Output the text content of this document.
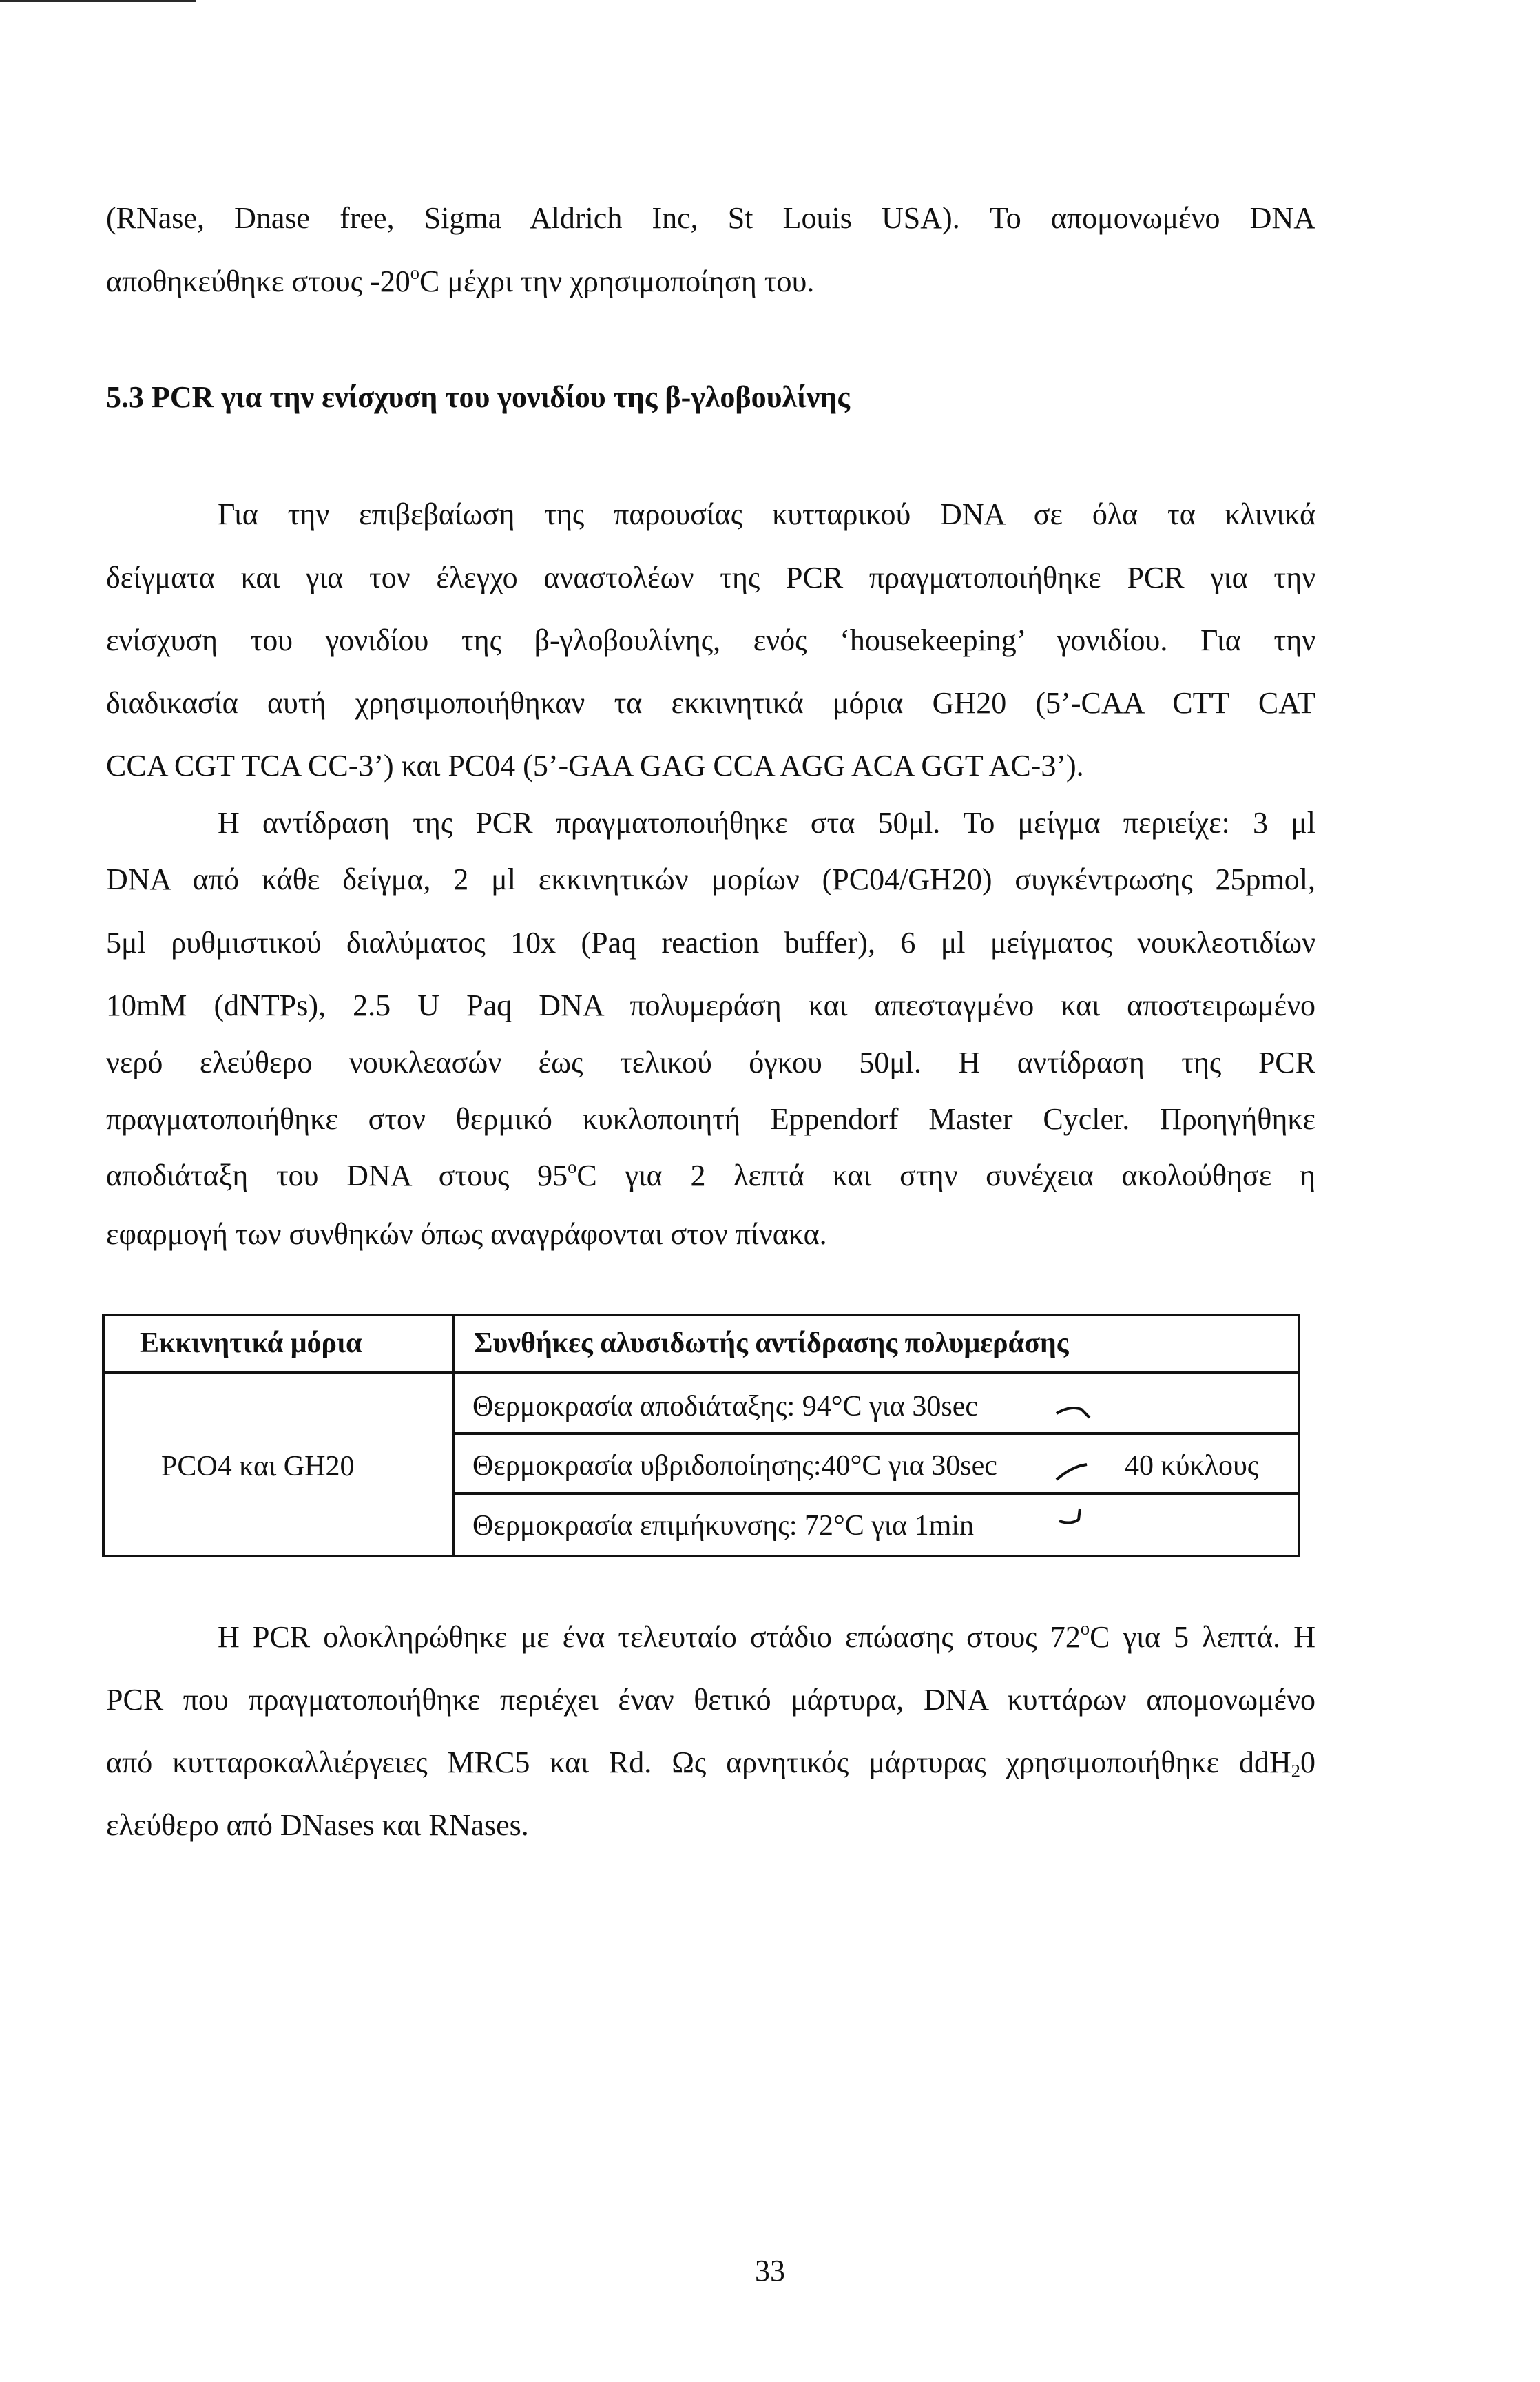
(RNase, Dnase free, Sigma Aldrich Inc, St Louis USA). Το απομονωμένο DNA
αποθηκεύθηκε στους $-20^oC$ μέχρι την χρησιμοποίηση του.
5.3 PCR για την ενίσχυση του γονιδίου της β-γλοβουλίνης
Για την επιβεβαίωση της παρουσίας κυτταρικού DNA σε όλα τα κλινικά
δείγματα και για τον έλεγχο αναστολέων της PCR πραγματοποιήθηκε PCR για την
ενίσχυση του γονιδίου της β-γλοβουλίνης, ενός ‘housekeeping’ γονιδίου. Για την
διαδικασία αυτή χρησιμοποιήθηκαν τα εκκινητικά μόρια GH20 (5’-CAA CTT CAT
CCA CGT TCA CC-3’) και PC04 (5’-GAA GAG CCA AGG ACA GGT AC-3’).
Η αντίδραση της PCR πραγματοποιήθηκε στα 50μl. Το μείγμα περιείχε: 3 μl
DNA από κάθε δείγμα, 2 μl εκκινητικών μορίων (PC04/GH20) συγκέντρωσης 25pmol,
5μl ρυθμιστικού διαλύματος 10x (Paq reaction buffer), 6 μl μείγματος νουκλεοτιδίων
10mM (dNTPs), 2.5 U Paq DNA πολυμεράση και απεσταγμένο και αποστειρωμένο
νερό ελεύθερο νουκλεασών έως τελικού όγκου 50μl. Η αντίδραση της PCR
πραγματοποιήθηκε στον θερμικό κυκλοποιητή Eppendorf Master Cycler. Προηγήθηκε
αποδιάταξη του DNA στους $95^oC$ για 2 λεπτά και στην συνέχεια ακολούθησε η
εφαρμογή των συνθηκών όπως αναγράφονται στον πίνακα.
Εκκινητικά μόρια	Συνθήκες αλυσιδωτής αντίδρασης πολυμεράσης
PCO4 και GH20
Θερμοκρασία αποδιάταξης: 94°C για 30sec
Θερμοκρασία υβριδοποίησης:40°C για 30sec	40 κύκλους
Θερμοκρασία επιμήκυνσης: 72°C για 1min
Η PCR ολοκληρώθηκε με ένα τελευταίο στάδιο επώασης στους $72^oC$ για 5 λεπτά. Η
PCR που πραγματοποιήθηκε περιέχει έναν θετικό μάρτυρα, DNA κυττάρων απομονωμένο
από κυτταροκαλλιέργειες MRC5 και Rd. Ως αρνητικός μάρτυρας χρησιμοποιήθηκε ddH$_2$0
ελεύθερο από DNases και RNases.
33
